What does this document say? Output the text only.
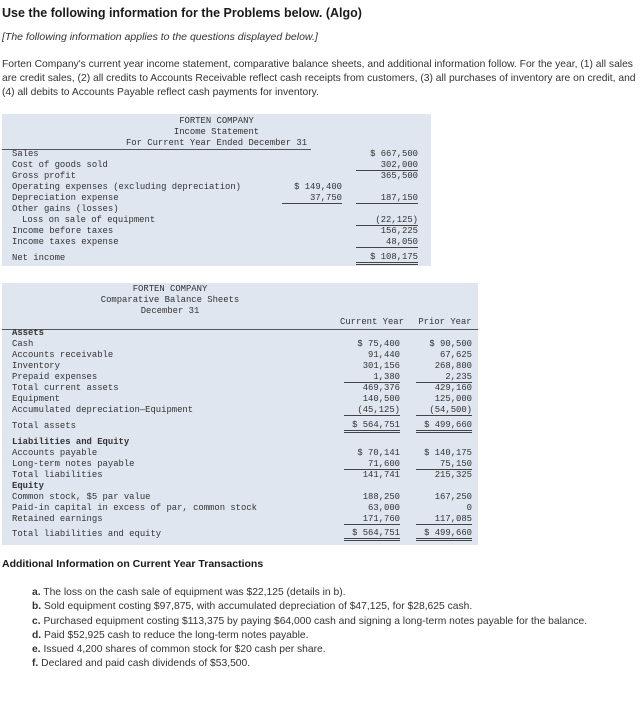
Use the following information for the Problems below. (Algo)
[The following information applies to the questions displayed below.]
Forten Company's current year income statement, comparative balance sheets, and additional information follow. For the year, (1) all sales are credit sales, (2) all credits to Accounts Receivable reflect cash receipts from customers, (3) all purchases of inventory are on credit, and (4) all debits to Accounts Payable reflect cash payments for inventory.
FORTEN COMPANY
Income Statement
For Current Year Ended December 31
Sales	$ 667,500
Cost of goods sold	302,000
Gross profit	365,500
Operating expenses (excluding depreciation)	$ 149,400
Depreciation expense	37,750	187,150
Other gains (losses)
Loss on sale of equipment	(22,125)
Income before taxes	156,225
Income taxes expense	48,050
Net income	$ 108,175
FORTEN COMPANY
Comparative Balance Sheets
December 31
Current Year	Prior Year
Assets
Cash	$ 75,400	$ 90,500
Accounts receivable	91,440	67,625
Inventory	301,156	268,800
Prepaid expenses	1,380	2,235
Total current assets	469,376	429,160
Equipment	140,500	125,000
Accumulated depreciation—Equipment	(45,125)	(54,500)
Total assets	$ 564,751	$ 499,660
Liabilities and Equity
Accounts payable	$ 70,141	$ 140,175
Long-term notes payable	71,600	75,150
Total liabilities	141,741	215,325
Equity
Common stock, $5 par value	188,250	167,250
Paid-in capital in excess of par, common stock	63,000	0
Retained earnings	171,760	117,085
Total liabilities and equity	$ 564,751	$ 499,660
Additional Information on Current Year Transactions
a. The loss on the cash sale of equipment was $22,125 (details in b).
b. Sold equipment costing $97,875, with accumulated depreciation of $47,125, for $28,625 cash.
c. Purchased equipment costing $113,375 by paying $64,000 cash and signing a long-term notes payable for the balance.
d. Paid $52,925 cash to reduce the long-term notes payable.
e. Issued 4,200 shares of common stock for $20 cash per share.
f. Declared and paid cash dividends of $53,500.
